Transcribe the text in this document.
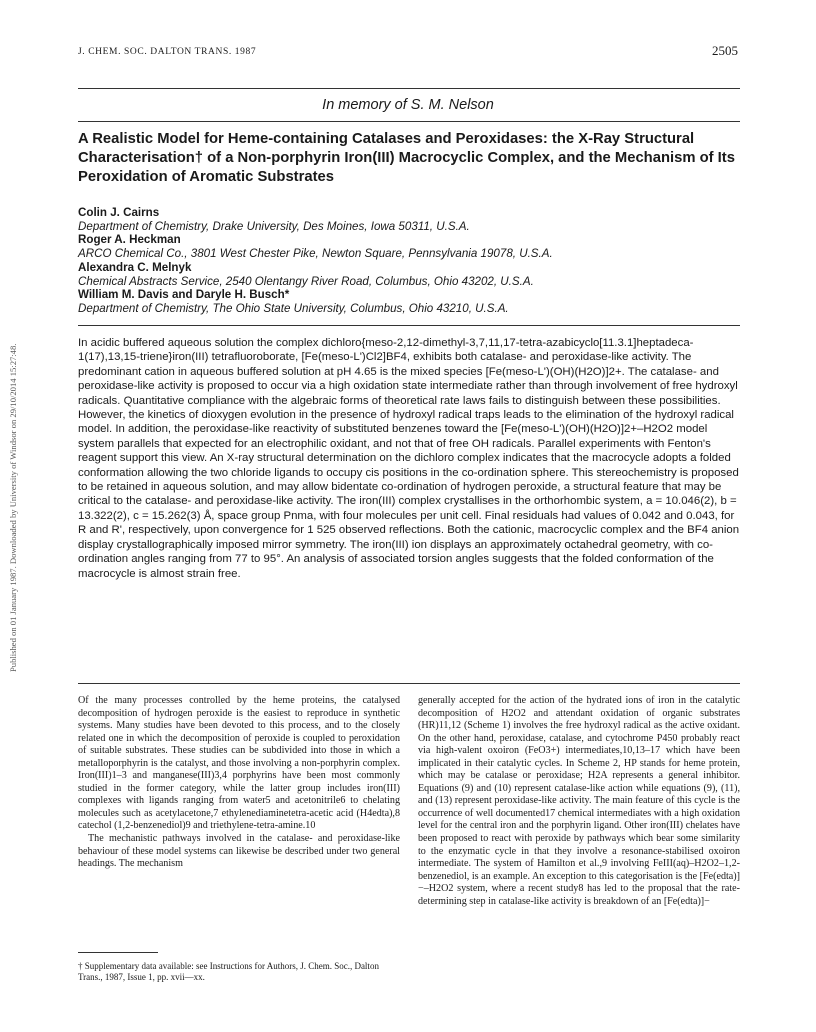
J. CHEM. SOC. DALTON TRANS. 1987	2505
In memory of S. M. Nelson
A Realistic Model for Heme-containing Catalases and Peroxidases: the X-Ray Structural Characterisation† of a Non-porphyrin Iron(III) Macrocyclic Complex, and the Mechanism of Its Peroxidation of Aromatic Substrates
Colin J. Cairns
Department of Chemistry, Drake University, Des Moines, Iowa 50311, U.S.A.
Roger A. Heckman
ARCO Chemical Co., 3801 West Chester Pike, Newton Square, Pennsylvania 19078, U.S.A.
Alexandra C. Melnyk
Chemical Abstracts Service, 2540 Olentangy River Road, Columbus, Ohio 43202, U.S.A.
William M. Davis and Daryle H. Busch*
Department of Chemistry, The Ohio State University, Columbus, Ohio 43210, U.S.A.

In acidic buffered aqueous solution the complex dichloro{meso-2,12-dimethyl-3,7,11,17-tetra-azabicyclo[11.3.1]heptadeca-1(17),13,15-triene}iron(III) tetrafluoroborate, [Fe(meso-L')Cl2]BF4, exhibits both catalase- and peroxidase-like activity. The predominant cation in aqueous buffered solution at pH 4.65 is the mixed species [Fe(meso-L')(OH)(H2O)]2+. The catalase- and peroxidase-like activity is proposed to occur via a high oxidation state intermediate rather than through involvement of free hydroxyl radicals. Quantitative compliance with the algebraic forms of theoretical rate laws fails to distinguish between these possibilities. However, the kinetics of dioxygen evolution in the presence of hydroxyl radical traps leads to the elimination of the hydroxyl radical model. In addition, the peroxidase-like reactivity of substituted benzenes toward the [Fe(meso-L')(OH)(H2O)]2+–H2O2 model system parallels that expected for an electrophilic oxidant, and not that of free OH radicals. Parallel experiments with Fenton's reagent support this view. An X-ray structural determination on the dichloro complex indicates that the macrocycle adopts a folded conformation allowing the two chloride ligands to occupy cis positions in the co-ordination sphere. This stereochemistry is proposed to be retained in aqueous solution, and may allow bidentate co-ordination of hydrogen peroxide, a structural feature that may be critical to the catalase- and peroxidase-like activity. The iron(III) complex crystallises in the orthorhombic system, a = 10.046(2), b = 13.322(2), c = 15.262(3) Å, space group Pnma, with four molecules per unit cell. Final residuals had values of 0.042 and 0.043, for R and R', respectively, upon convergence for 1 525 observed reflections. Both the cationic, macrocyclic complex and the BF4 anion display crystallographically imposed mirror symmetry. The iron(III) ion displays an approximately octahedral geometry, with co-ordination angles ranging from 77 to 95°. An analysis of associated torsion angles suggests that the folded conformation of the macrocycle is almost strain free.

Of the many processes controlled by the heme proteins, the catalysed decomposition of hydrogen peroxide is the easiest to reproduce in synthetic systems. Many studies have been devoted to this process, and to the closely related one in which the decomposition of peroxide is coupled to peroxidation of suitable substrates. These studies can be subdivided into those in which a metalloporphyrin is the catalyst, and those involving a non-porphyrin complex. Iron(III)1–3 and manganese(III)3,4 porphyrins have been most commonly studied in the former category, while the latter group includes iron(III) complexes with ligands ranging from water5 and acetonitrile6 to chelating molecules such as acetylacetone,7 ethylenediaminetetra-acetic acid (H4edta),8 catechol (1,2-benzenediol)9 and triethylene-tetra-amine.10

The mechanistic pathways involved in the catalase- and peroxidase-like behaviour of these model systems can likewise be described under two general headings. The mechanism

generally accepted for the action of the hydrated ions of iron in the catalytic decomposition of H2O2 and attendant oxidation of organic substrates (HR)11,12 (Scheme 1) involves the free hydroxyl radical as the active oxidant. On the other hand, peroxidase, catalase, and cytochrome P450 probably react via high-valent oxoiron (FeO3+) intermediates,10,13–17 which have been implicated in their catalytic cycles. In Scheme 2, HP stands for heme protein, which may be catalase or peroxidase; H2A represents a general inhibitor. Equations (9) and (10) represent catalase-like action while equations (9), (11), and (13) represent peroxidase-like activity. The main feature of this cycle is the occurrence of well documented17 chemical intermediates with a high oxidation level for the central iron and the porphyrin ligand. Other iron(III) chelates have been proposed to react with peroxide by pathways which bear some similarity to the enzymatic cycle in that they involve a resonance-stabilised oxoiron intermediate. The system of Hamilton et al.,9 involving FeIII(aq)–H2O2–1,2-benzenediol, is an example. An exception to this categorisation is the [Fe(edta)]−–H2O2 system, where a recent study8 has led to the proposal that the rate-determining step in catalase-like activity is breakdown of an [Fe(edta)]−

† Supplementary data available: see Instructions for Authors, J. Chem. Soc., Dalton Trans., 1987, Issue 1, pp. xvii—xx.
Published on 01 January 1987. Downloaded by University of Windsor on 29/10/2014 15:27:48.
